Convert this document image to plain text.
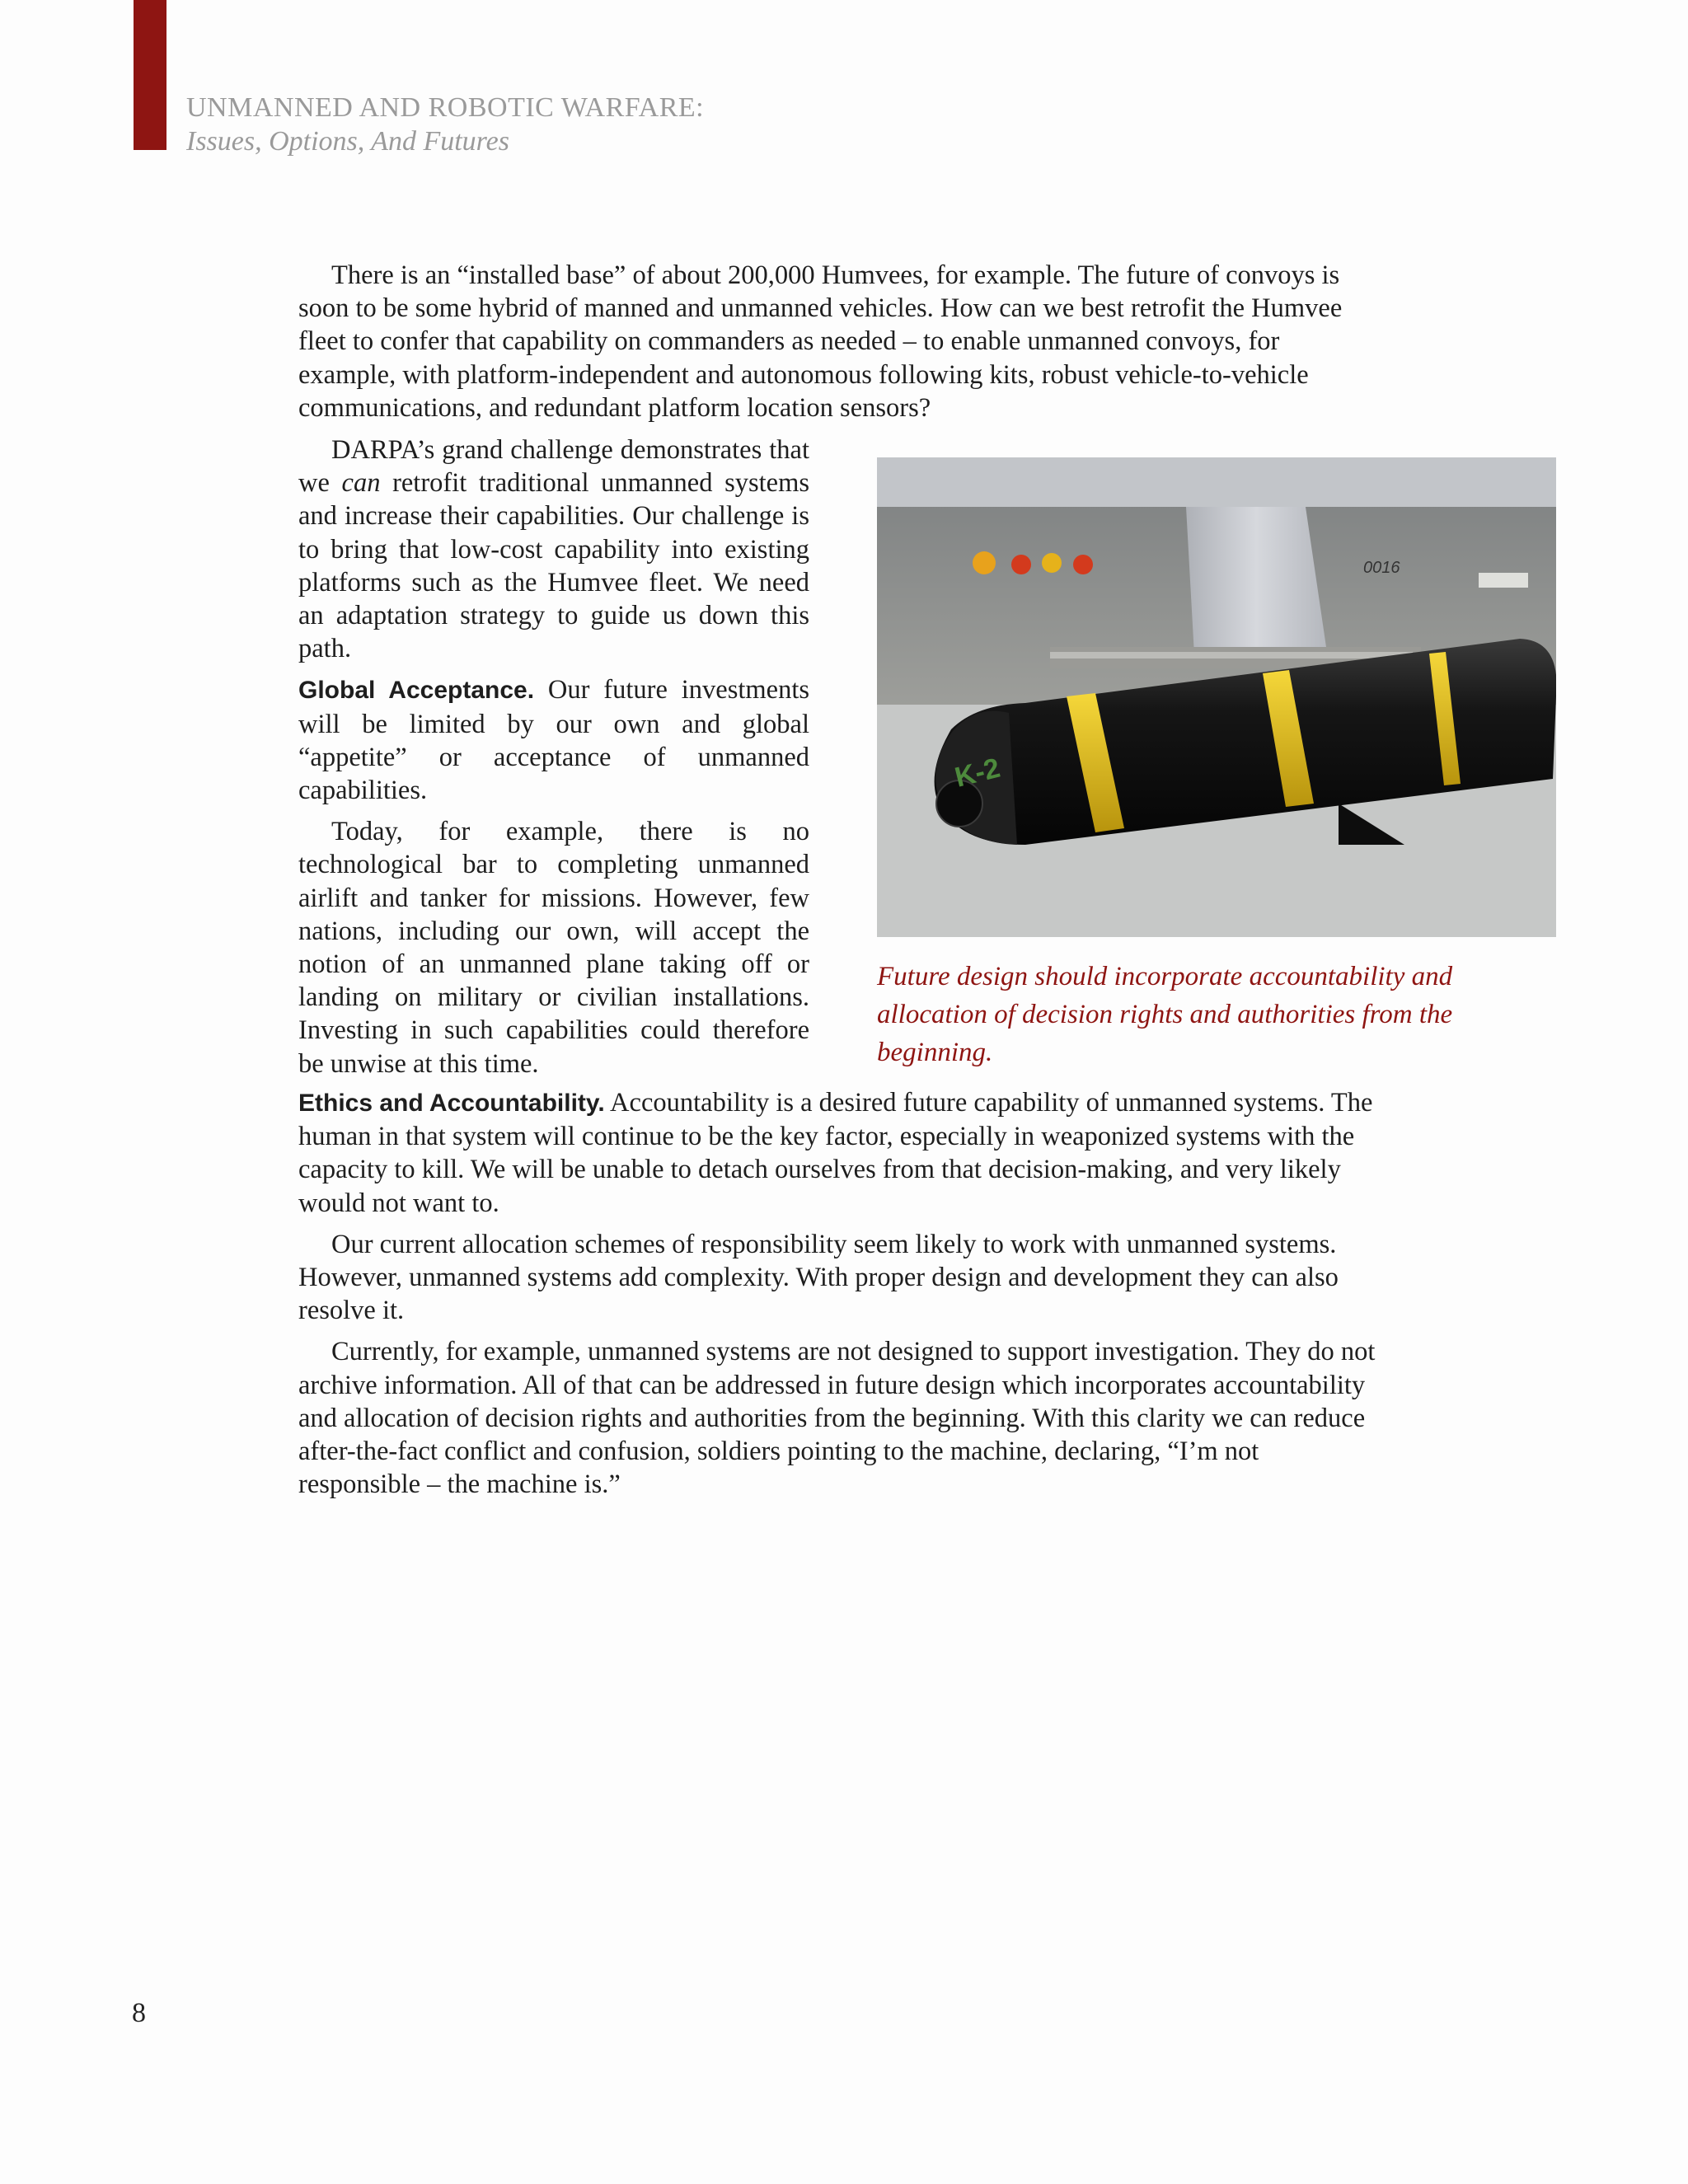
UNMANNED AND ROBOTIC WARFARE:
Issues, Options, And Futures

There is an “installed base” of about 200,000 Humvees, for example. The future of convoys is soon to be some hybrid of manned and unmanned vehicles. How can we best retrofit the Humvee fleet to confer that capability on commanders as needed – to enable unmanned convoys, for example, with platform-independent and autonomous following kits, robust vehicle-to-vehicle communications, and redundant platform location sensors?

DARPA’s grand challenge demonstrates that we can retrofit traditional unmanned systems and increase their capabilities. Our challenge is to bring that low-cost capability into existing platforms such as the Humvee fleet. We need an adaptation strategy to guide us down this path.

Global Acceptance. Our future investments will be limited by our own and global “appetite” or acceptance of unmanned capabilities.

Today, for example, there is no technological bar to completing unmanned airlift and tanker for missions. However, few nations, including our own, will accept the notion of an unmanned plane taking off or landing on military or civilian installations. Investing in such capabilities could therefore be unwise at this time.

Ethics and Accountability. Accountability is a desired future capability of unmanned systems. The human in that system will continue to be the key factor, especially in weaponized systems with the capacity to kill. We will be unable to detach ourselves from that decision-making, and very likely would not want to.

Our current allocation schemes of responsibility seem likely to work with unmanned systems. However, unmanned systems add complexity. With proper design and development they can also resolve it.

Currently, for example, unmanned systems are not designed to support investigation. They do not archive information. All of that can be addressed in future design which incorporates accountability and allocation of decision rights and authorities from the beginning. With this clarity we can reduce after-the-fact conflict and confusion, soldiers pointing to the machine, declaring, “I’m not responsible – the machine is.”

0016
K-2
Future design should incorporate accountability and allocation of decision rights and authorities from the beginning.
8
